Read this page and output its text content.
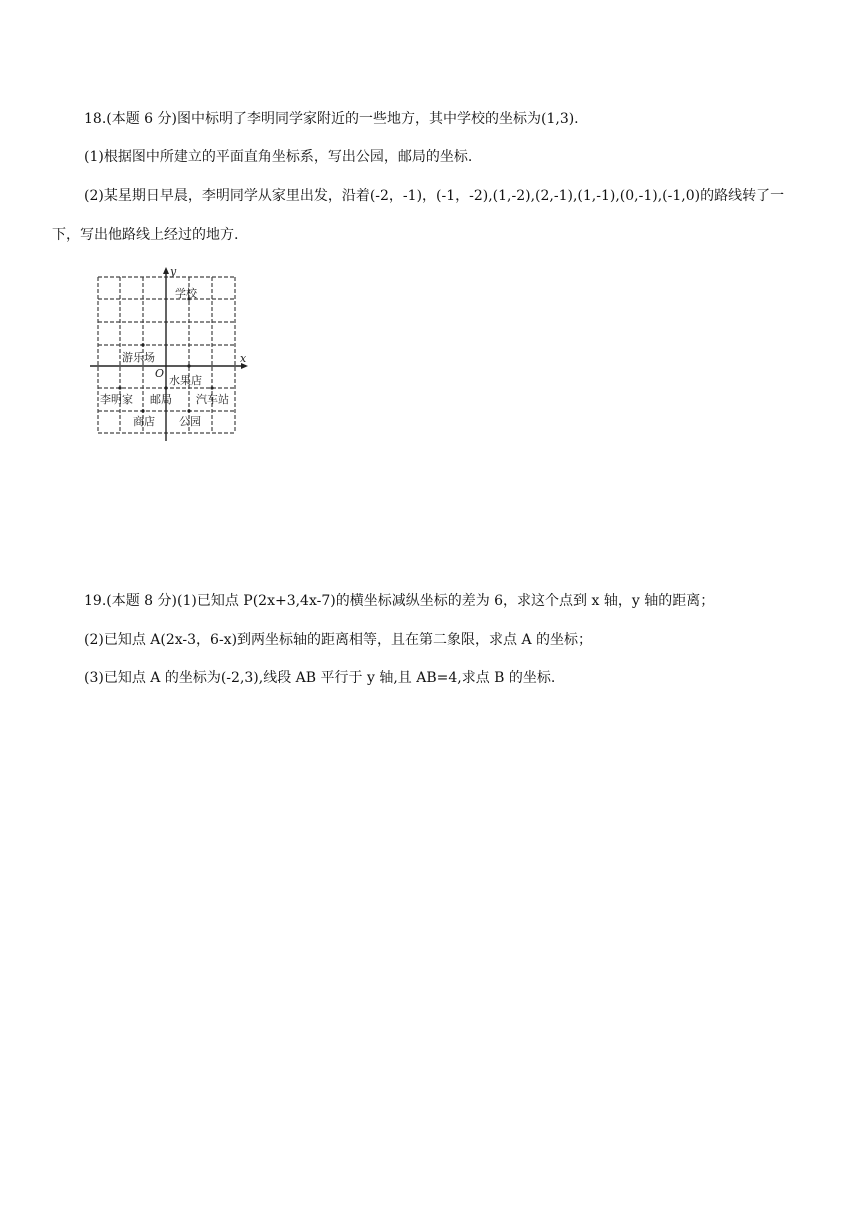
18.(本题 6 分)图中标明了李明同学家附近的一些地方，其中学校的坐标为(1,3).
(1)根据图中所建立的平面直角坐标系，写出公园，邮局的坐标.
(2)某星期日早晨，李明同学从家里出发，沿着(-2，-1)，(-1，-2),(1,-2),(2,-1),(1,-1),(0,-1),(-1,0)的路线转了一
下，写出他路线上经过的地方.
y
x
O
学校
游乐场
水果店
李明家 邮局 汽车站
商店 公园
19.(本题 8 分)(1)已知点 P(2x+3,4x-7)的横坐标减纵坐标的差为 6，求这个点到 x 轴，y 轴的距离；
(2)已知点 A(2x-3，6-x)到两坐标轴的距离相等，且在第二象限，求点 A 的坐标；
(3)已知点 A 的坐标为(-2,3),线段 AB 平行于 y 轴,且 AB=4,求点 B 的坐标.
